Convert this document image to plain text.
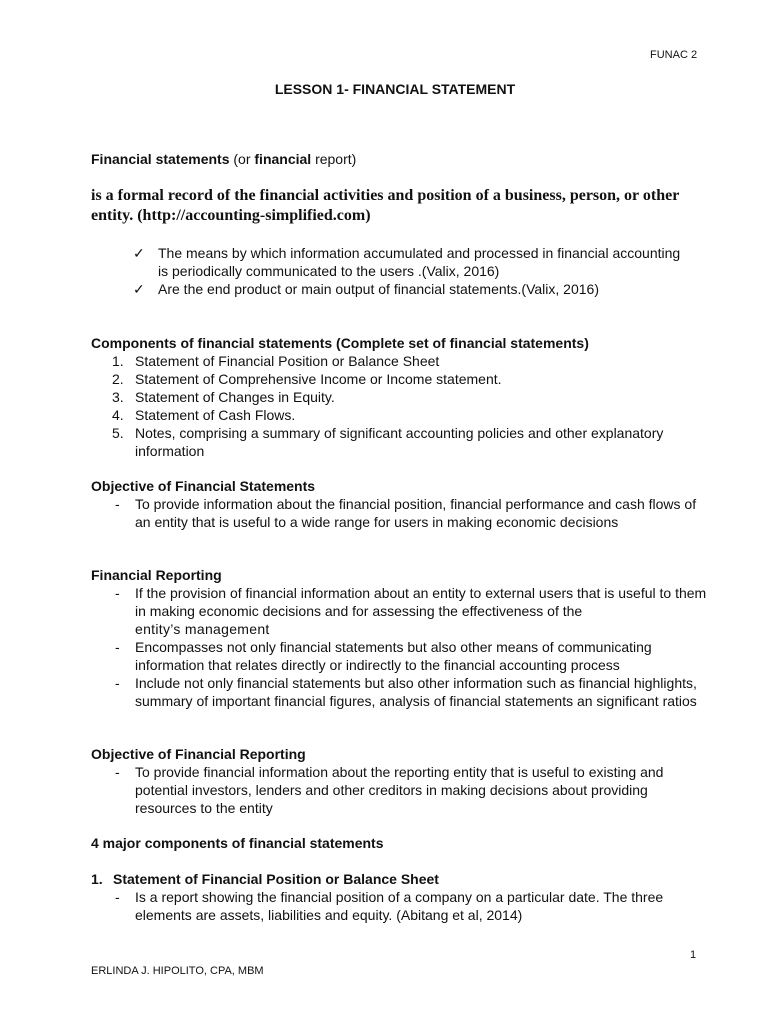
FUNAC 2
LESSON 1- FINANCIAL STATEMENT
Financial statements (or financial report)
is a formal record of the financial activities and position of a business, person, or other entity. (http://accounting-simplified.com)
✓ The means by which information accumulated and processed in financial accounting is periodically communicated to the users .(Valix, 2016)
✓ Are the end product or main output of financial statements.(Valix, 2016)
Components of financial statements (Complete set of financial statements)
1. Statement of Financial Position or Balance Sheet
2. Statement of Comprehensive Income or Income statement.
3. Statement of Changes in Equity.
4. Statement of Cash Flows.
5. Notes, comprising a summary of significant accounting policies and other explanatory information
Objective of Financial Statements
- To provide information about the financial position, financial performance and cash flows of an entity that is useful to a wide range for users in making economic decisions
Financial Reporting
- If the provision of financial information about an entity to external users that is useful to them in making economic decisions and for assessing the effectiveness of the
entity’s management
- Encompasses not only financial statements but also other means of communicating information that relates directly or indirectly to the financial accounting process
- Include not only financial statements but also other information such as financial highlights, summary of important financial figures, analysis of financial statements an significant ratios
Objective of Financial Reporting
- To provide financial information about the reporting entity that is useful to existing and potential investors, lenders and other creditors in making decisions about providing resources to the entity
4 major components of financial statements
1. Statement of Financial Position or Balance Sheet
- Is a report showing the financial position of a company on a particular date. The three elements are assets, liabilities and equity. (Abitang et al, 2014)
1
ERLINDA J. HIPOLITO, CPA, MBM
